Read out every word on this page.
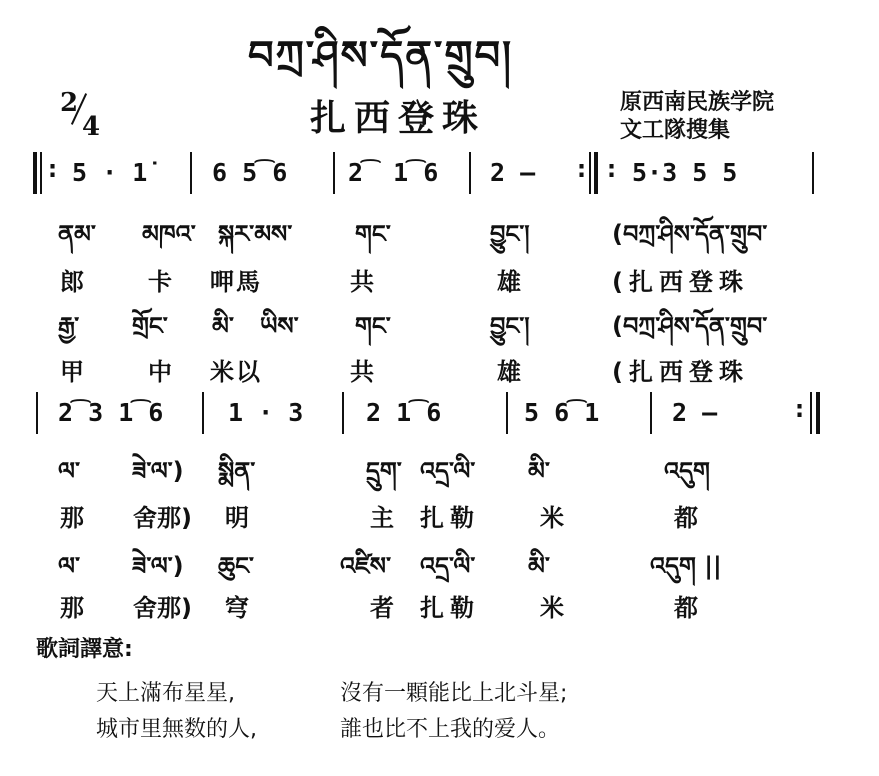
བཀྲ་ཤིས་དོན་གྲུབ།
2
4	扎西登珠	原西南民族学院
文工隊搜集
: 5 · 1̇	6 5͡6 2͡ 1͡6 2 — : : 5·3 5 5
ནམ་ མཁའ་ སྐར་མས་	གང་	བྱུང་།	(བཀྲ་ཤིས་དོན་གྲུབ་
郎	卡 呷馬	共	雄	(扎西登珠
རྒྱ་ གྲོང་ མི་ ཡིས་ གང་	བྱུང་།	(བཀྲ་ཤིས་དོན་གྲུབ་
甲	中 米以	共	雄	(扎西登珠
2͡3 1͡6	1 · 3	2 1͡6	5 6͡1	2 —	:
ལ་ ཟེ་ལ་) སྨིན་	དྲུག་ འདྲ་ལི་ མི་	འདུག
那 舍那) 明	主 扎勒	米	都
ལ་ ཟེ་ལ་) ཆུང་	འཛིས་ འདྲ་ལི་ མི་	འདུག ||
那 舍那) 穹	者 扎勒	米	都
歌詞譯意:
天上滿布星星,	沒有一顆能比上北斗星;
城市里無数的人,	誰也比不上我的爱人。
